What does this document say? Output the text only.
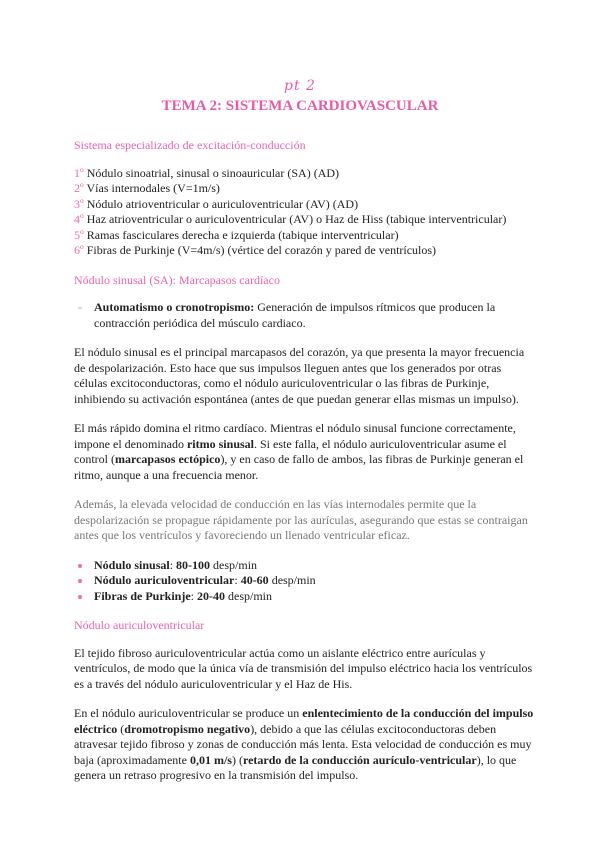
pt 2
TEMA 2: SISTEMA CARDIOVASCULAR
Sistema especializado de excitación-conducción
1º Nódulo sinoatrial, sinusal o sinoauricular (SA) (AD)
2º Vías internodales (V=1m/s)
3º Nódulo atrioventricular o auriculoventricular (AV) (AD)
4º Haz atrioventricular o auriculoventricular (AV) o Haz de Hiss (tabique interventricular)
5º Ramas fasciculares derecha e izquierda (tabique interventricular)
6º Fibras de Purkinje (V=4m/s) (vértice del corazón y pared de ventrículos)
Nódulo sinusal (SA): Marcapasos cardíaco
- Automatismo o cronotropismo: Generación de impulsos rítmicos que producen la contracción periódica del músculo cardiaco.

El nódulo sinusal es el principal marcapasos del corazón, ya que presenta la mayor frecuencia de despolarización. Esto hace que sus impulsos lleguen antes que los generados por otras células excitoconductoras, como el nódulo auriculoventricular o las fibras de Purkinje, inhibiendo su activación espontánea (antes de que puedan generar ellas mismas un impulso).

El más rápido domina el ritmo cardíaco. Mientras el nódulo sinusal funcione correctamente, impone el denominado ritmo sinusal. Si este falla, el nódulo auriculoventricular asume el control (marcapasos ectópico), y en caso de fallo de ambos, las fibras de Purkinje generan el ritmo, aunque a una frecuencia menor.

Además, la elevada velocidad de conducción en las vías internodales permite que la despolarización se propague rápidamente por las aurículas, asegurando que estas se contraigan antes que los ventrículos y favoreciendo un llenado ventricular eficaz.

Nódulo sinusal: 80-100 desp/min
Nódulo auriculoventricular: 40-60 desp/min
Fibras de Purkinje: 20-40 desp/min
Nódulo auriculoventricular

El tejido fibroso auriculoventricular actúa como un aislante eléctrico entre aurículas y ventrículos, de modo que la única vía de transmisión del impulso eléctrico hacia los ventrículos es a través del nódulo auriculoventricular y el Haz de His.

En el nódulo auriculoventricular se produce un enlentecimiento de la conducción del impulso eléctrico (dromotropismo negativo), debido a que las células excitoconductoras deben atravesar tejido fibroso y zonas de conducción más lenta. Esta velocidad de conducción es muy baja (aproximadamente 0,01 m/s) (retardo de la conducción aurículo-ventricular), lo que genera un retraso progresivo en la transmisión del impulso.
